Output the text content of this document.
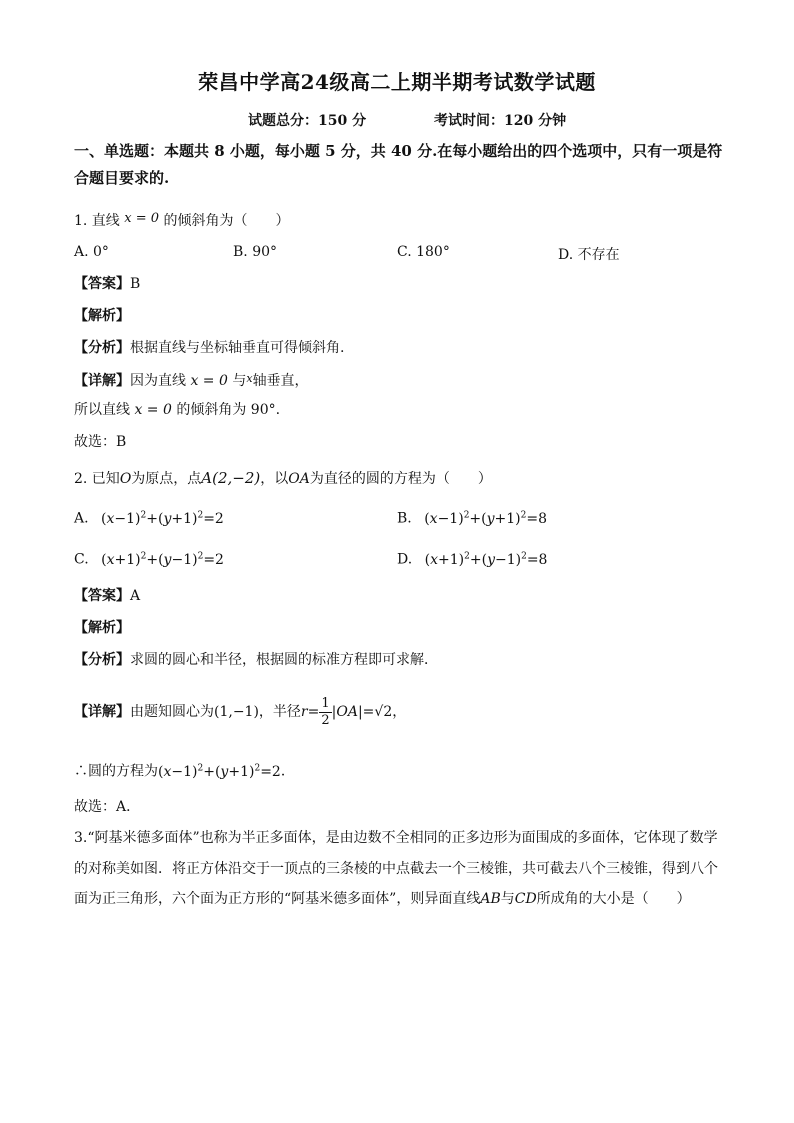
荣昌中学高24级高二上期半期考试数学试题
试题总分：150 分	考试时间：120 分钟
一、单选题：本题共 8 小题，每小题 5 分，共 40 分.在每小题给出的四个选项中，只有一项是符合题目要求的.
1. 直线 x = 0 的倾斜角为（　　）
A. 0°	B. 90°	C. 180°	D. 不存在
【答案】B
【解析】
【分析】根据直线与坐标轴垂直可得倾斜角.
【详解】因为直线 x = 0 与$^x$轴垂直，
所以直线 x = 0 的倾斜角为 90°.
故选：B
2. 已知O为原点，点A(2,−2)，以OA为直径的圆的方程为（　　）
A. $(x-1)^2+(y+1)^2=2$	B. $(x-1)^2+(y+1)^2=8$
C. $(x+1)^2+(y-1)^2=2$	D. $(x+1)^2+(y-1)^2=8$
【答案】A
【解析】
【分析】求圆的圆心和半径，根据圆的标准方程即可求解．
【详解】由题知圆心为(1,−1)，半径$r= \frac{1}{2} |OA|=√2$，
∴圆的方程为$(x-1)^2+(y+1)^2=2$．
故选：A．
3.“阿基米德多面体”也称为半正多面体，是由边数不全相同的正多边形为面围成的多面体，它体现了数学
的对称美如图．将正方体沿交于一顶点的三条棱的中点截去一个三棱锥，共可截去八个三棱锥，得到八个
面为正三角形，六个面为正方形的“阿基米德多面体”，则异面直线AB与CD所成角的大小是（　　）
